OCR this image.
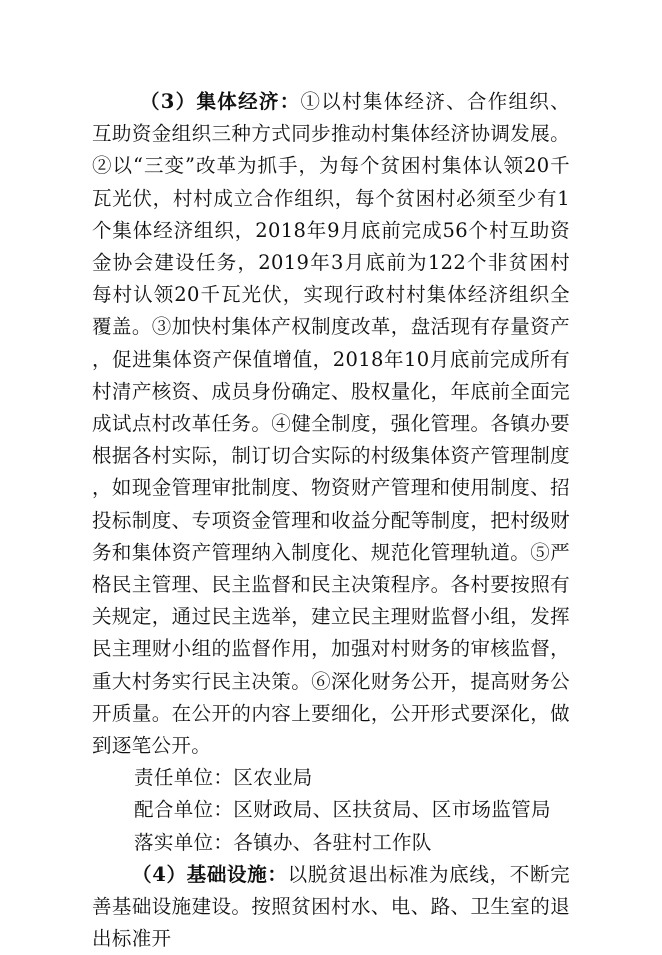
（3）集体经济：①以村集体经济、合作组织、互助资金组织三种方式同步推动村集体经济协调发展。②以“三变”改革为抓手，为每个贫困村集体认领20千瓦光伏，村村成立合作组织，每个贫困村必须至少有1个集体经济组织，2018年9月底前完成56个村互助资金协会建设任务，2019年3月底前为122个非贫困村每村认领20千瓦光伏，实现行政村村集体经济组织全覆盖。③加快村集体产权制度改革，盘活现有存量资产，促进集体资产保值增值，2018年10月底前完成所有村清产核资、成员身份确定、股权量化，年底前全面完成试点村改革任务。④健全制度，强化管理。各镇办要根据各村实际，制订切合实际的村级集体资产管理制度，如现金管理审批制度、物资财产管理和使用制度、招投标制度、专项资金管理和收益分配等制度，把村级财务和集体资产管理纳入制度化、规范化管理轨道。⑤严格民主管理、民主监督和民主决策程序。各村要按照有关规定，通过民主选举，建立民主理财监督小组，发挥民主理财小组的监督作用，加强对村财务的审核监督，重大村务实行民主决策。⑥深化财务公开，提高财务公开质量。在公开的内容上要细化，公开形式要深化，做到逐笔公开。

责任单位：区农业局

配合单位：区财政局、区扶贫局、区市场监管局

落实单位：各镇办、各驻村工作队

（4）基础设施：以脱贫退出标准为底线，不断完善基础设施建设。按照贫困村水、电、路、卫生室的退出标准开
